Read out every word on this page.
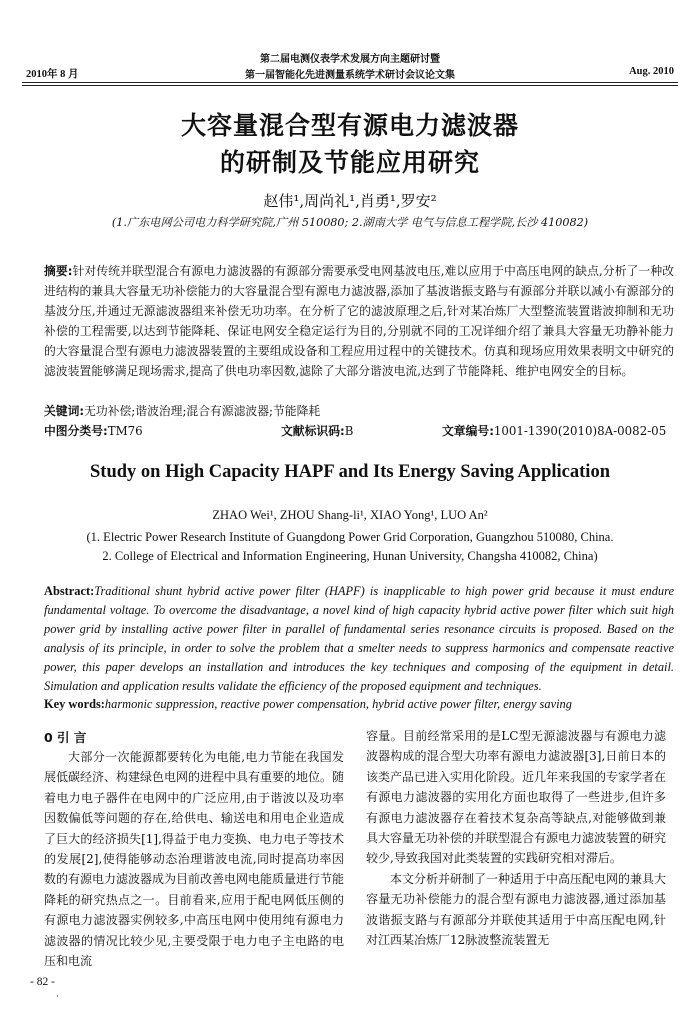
2010年 8 月
第二届电测仪表学术发展方向主题研讨暨
第一届智能化先进测量系统学术研讨会议论文集	Aug. 2010
大容量混合型有源电力滤波器
的研制及节能应用研究
赵伟¹,周尚礼¹,肖勇¹,罗安²
(1.广东电网公司电力科学研究院,广州 510080; 2.湖南大学 电气与信息工程学院,长沙 410082)
摘要:针对传统并联型混合有源电力滤波器的有源部分需要承受电网基波电压,难以应用于中高压电网的缺点,分析了一种改进结构的兼具大容量无功补偿能力的大容量混合型有源电力滤波器,添加了基波谐振支路与有源部分并联以减小有源部分的基波分压,并通过无源滤波器组来补偿无功功率。在分析了它的滤波原理之后,针对某冶炼厂大型整流装置谐波抑制和无功补偿的工程需要,以达到节能降耗、保证电网安全稳定运行为目的,分别就不同的工况详细介绍了兼具大容量无功静补能力的大容量混合型有源电力滤波器装置的主要组成设备和工程应用过程中的关键技术。仿真和现场应用效果表明文中研究的滤波装置能够满足现场需求,提高了供电功率因数,滤除了大部分谐波电流,达到了节能降耗、维护电网安全的目标。
关键词:无功补偿;谐波治理;混合有源滤波器;节能降耗
中图分类号:TM76	文献标识码:B	文章编号:1001-1390(2010)8A-0082-05
Study on High Capacity HAPF and Its Energy Saving Application
ZHAO Wei¹, ZHOU Shang-li¹, XIAO Yong¹, LUO An²
(1. Electric Power Research Institute of Guangdong Power Grid Corporation, Guangzhou 510080, China.
2. College of Electrical and Information Engineering, Hunan University, Changsha 410082, China)
Abstract:Traditional shunt hybrid active power filter (HAPF) is inapplicable to high power grid because it must endure fundamental voltage. To overcome the disadvantage, a novel kind of high capacity hybrid active power filter which suit high power grid by installing active power filter in parallel of fundamental series resonance circuits is proposed. Based on the analysis of its principle, in order to solve the problem that a smelter needs to suppress harmonics and compensate reactive power, this paper develops an installation and introduces the key techniques and composing of the equipment in detail. Simulation and application results validate the efficiency of the proposed equipment and techniques.
Key words:harmonic suppression, reactive power compensation, hybrid active power filter, energy saving
0 引 言
大部分一次能源都要转化为电能,电力节能在我国发展低碳经济、构建绿色电网的进程中具有重要的地位。随着电力电子器件在电网中的广泛应用,由于谐波以及功率因数偏低等问题的存在,给供电、输送电和用电企业造成了巨大的经济损失[1],得益于电力变换、电力电子等技术的发展[2],使得能够动态治理谐波电流,同时提高功率因数的有源电力滤波器成为目前改善电网电能质量进行节能降耗的研究热点之一。目前看来,应用于配电网低压侧的有源电力滤波器实例较多,中高压电网中使用纯有源电力滤波器的情况比较少见,主要受限于电力电子主电路的电压和电流
容量。目前经常采用的是LC型无源滤波器与有源电力滤波器构成的混合型大功率有源电力滤波器[3],日前日本的该类产品已进入实用化阶段。近几年来我国的专家学者在有源电力滤波器的实用化方面也取得了一些进步,但许多有源电力滤波器存在着技术复杂高等缺点,对能够做到兼具大容量无功补偿的并联型混合有源电力滤波装置的研究较少,导致我国对此类装置的实践研究相对滞后。
本文分析并研制了一种适用于中高压配电网的兼具大容量无功补偿能力的混合型有源电力滤波器,通过添加基波谐振支路与有源部分并联使其适用于中高压配电网,针对江西某冶炼厂12脉波整流装置无
- 82 -
·
